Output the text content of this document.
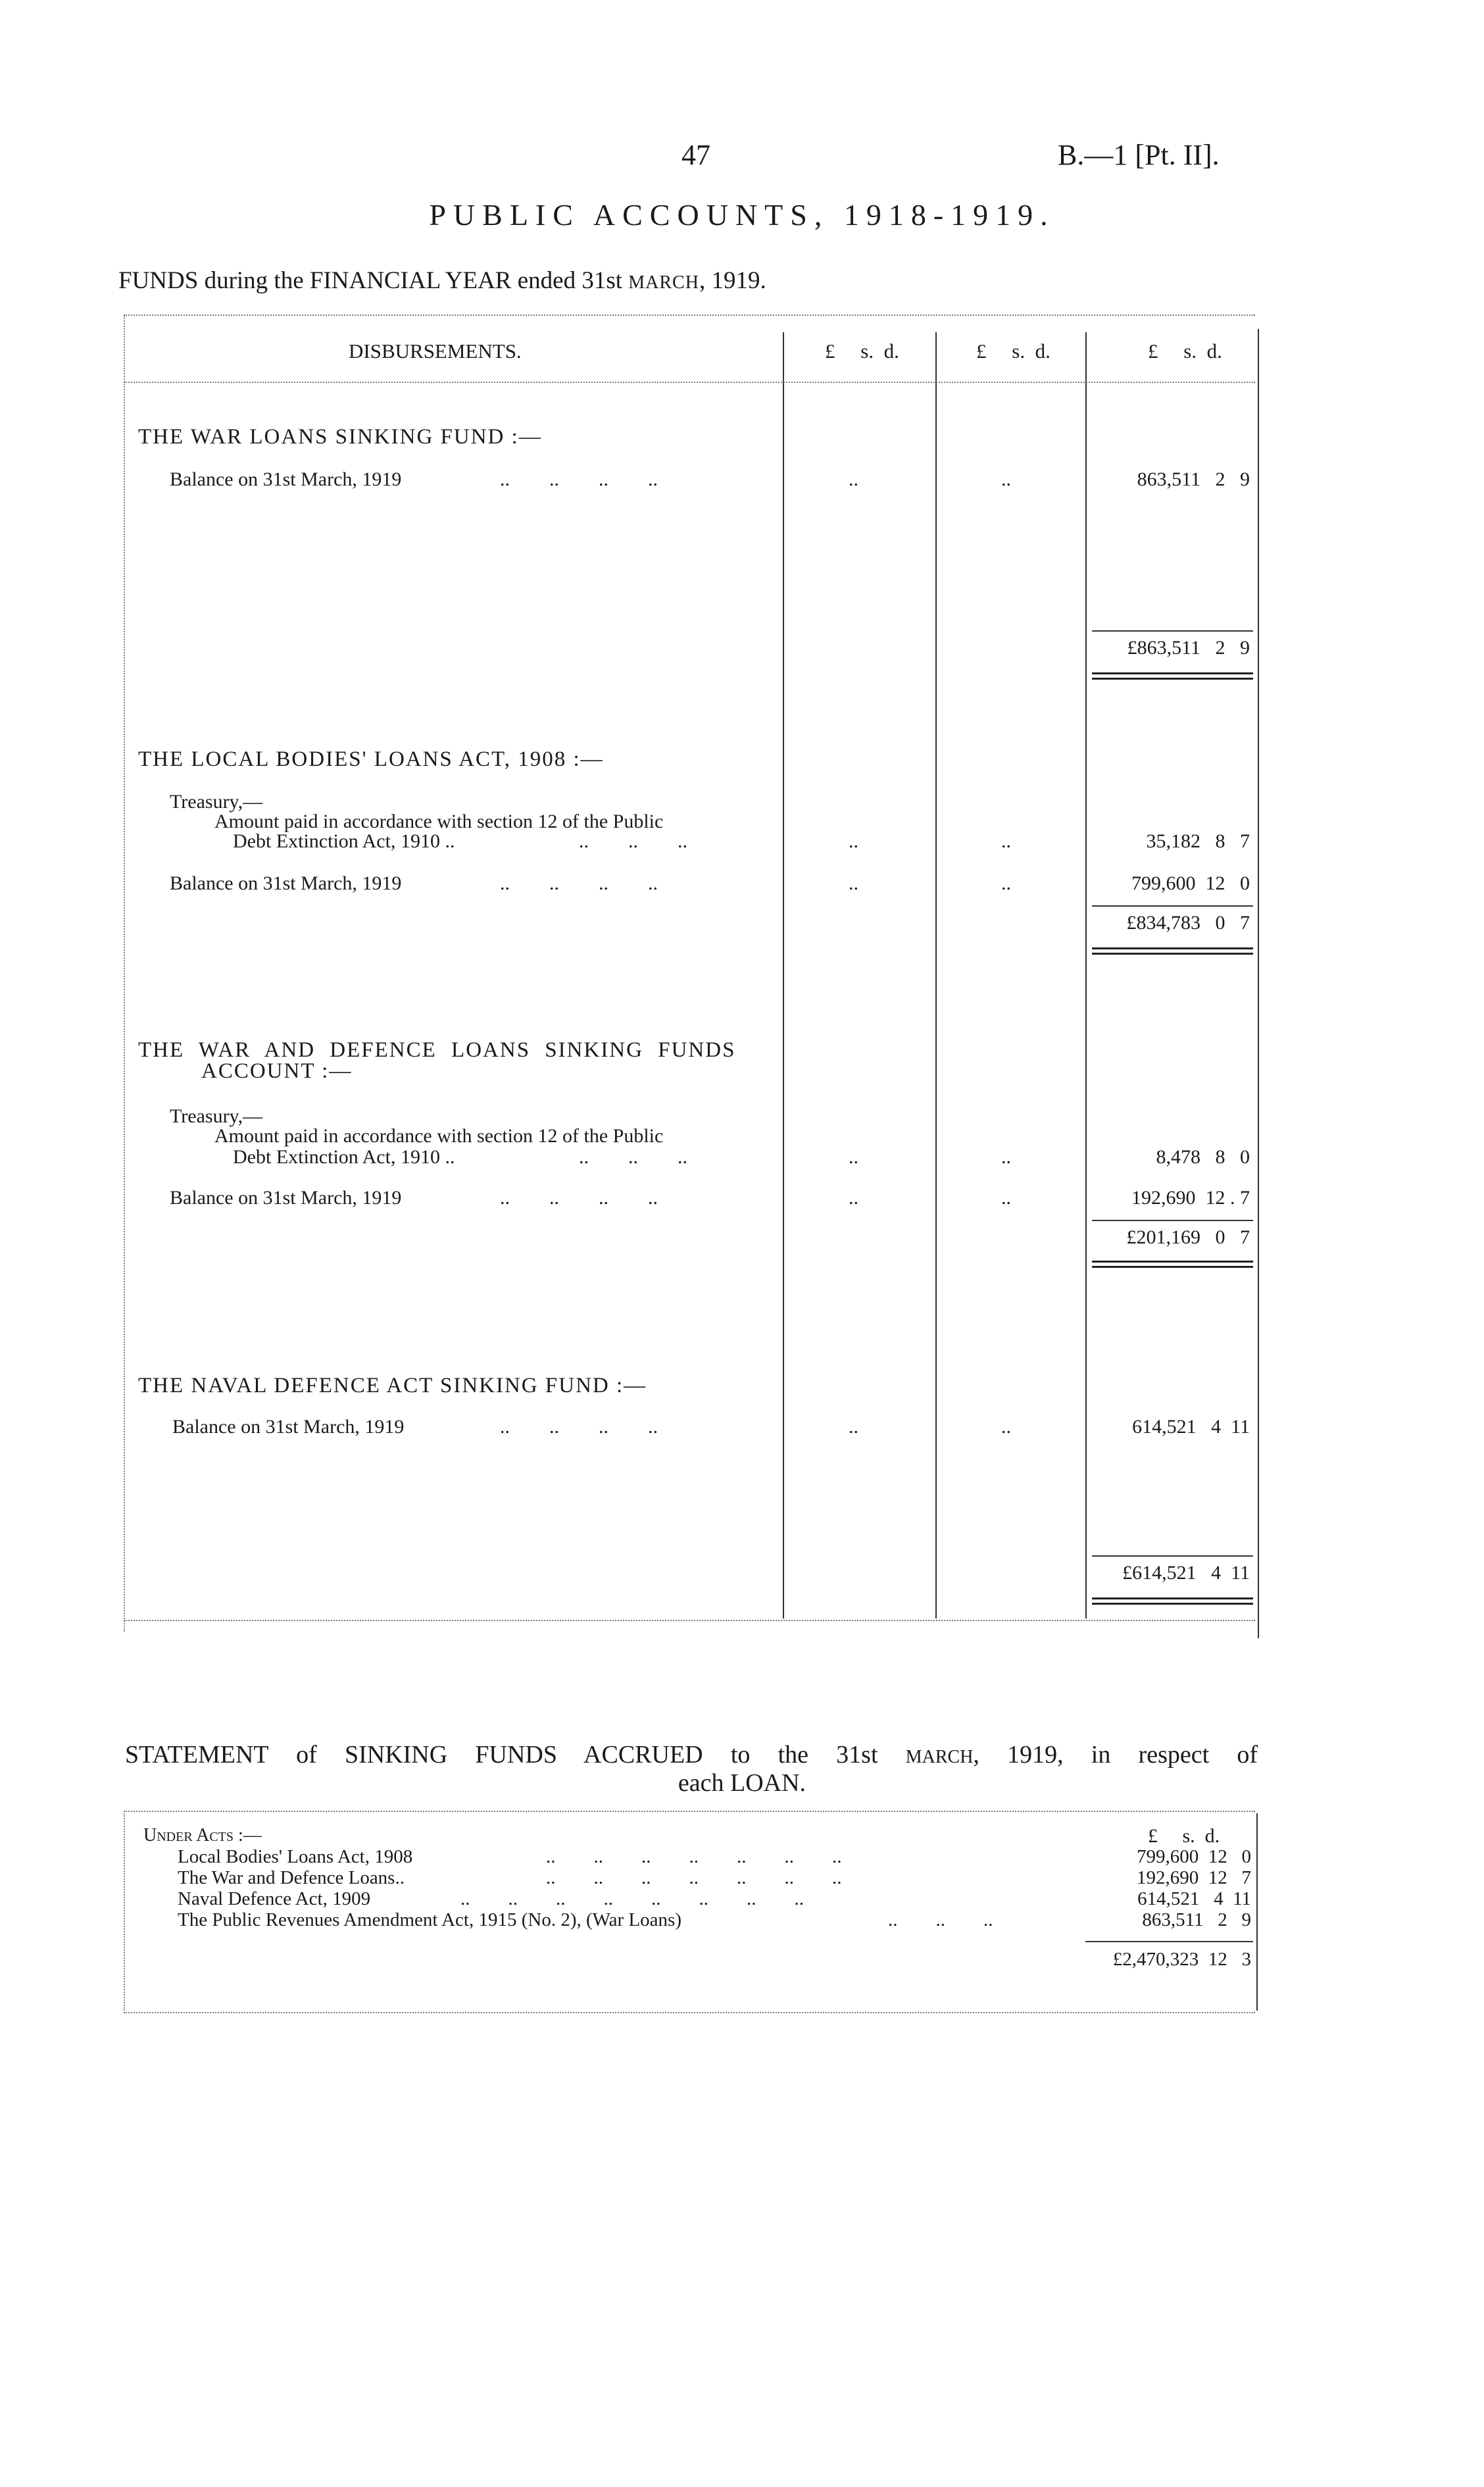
47	B.—1 [Pt. II].
PUBLIC ACCOUNTS, 1918-1919.
FUNDS during the FINANCIAL YEAR ended 31st MARCH, 1919.
DISBURSEMENTS.	£     s.  d.	£     s.  d.	£     s.  d.
THE WAR LOANS SINKING FUND :—
Balance on 31st March, 1919	..        ..        ..        ..	..	..	863,511   2   9
£863,511   2   9
THE LOCAL BODIES' LOANS ACT, 1908 :—
Treasury,—
Amount paid in accordance with section 12 of the Public
Debt Extinction Act, 1910 ..	..        ..        ..	..	..	35,182   8   7
Balance on 31st March, 1919	..        ..        ..        ..	..	..	799,600  12   0
£834,783   0   7
THE WAR AND DEFENCE LOANS SINKING FUNDS
ACCOUNT :—
Treasury,—
Amount paid in accordance with section 12 of the Public
Debt Extinction Act, 1910 ..	..        ..        ..	..	..	8,478   8   0
Balance on 31st March, 1919	..        ..        ..        ..	..	..	192,690  12 . 7
£201,169   0   7
THE NAVAL DEFENCE ACT SINKING FUND :—
Balance on 31st March, 1919	..        ..        ..        ..	..	..	614,521   4  11
£614,521   4  11
STATEMENT of SINKING FUNDS ACCRUED to the 31st MARCH, 1919, in respect of
each LOAN.
Under Acts :—	£     s.  d.
Local Bodies' Loans Act, 1908	..        ..        ..        ..        ..        ..        ..	799,600  12   0
The War and Defence Loans..	..        ..        ..        ..        ..        ..        ..	192,690  12   7
Naval Defence Act, 1909	..        ..        ..        ..        ..        ..        ..        ..	614,521   4  11
The Public Revenues Amendment Act, 1915 (No. 2), (War Loans)	..        ..        ..	863,511   2   9
£2,470,323  12   3
